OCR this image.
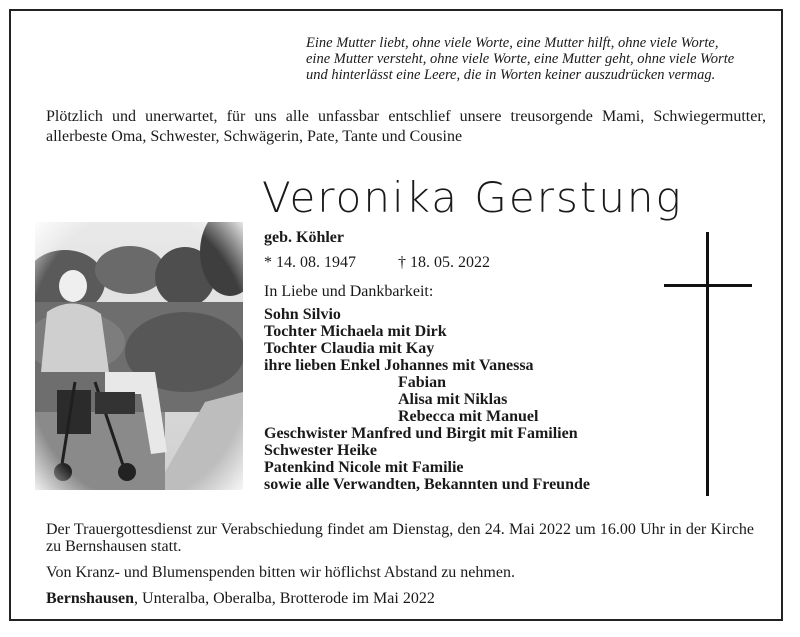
Eine Mutter liebt, ohne viele Worte, eine Mutter hilft, ohne viele Worte,
eine Mutter versteht, ohne viele Worte, eine Mutter geht, ohne viele Worte
und hinterlässt eine Leere, die in Worten keiner auszudrücken vermag.
Plötzlich und unerwartet, für uns alle unfassbar entschlief unsere treusorgende Mami, Schwiegermutter, allerbeste Oma, Schwester, Schwägerin, Pate, Tante und Cousine
Veronika Gerstung
geb. Köhler
* 14. 08. 1947	† 18. 05. 2022
In Liebe und Dankbarkeit:
Sohn Silvio
Tochter Michaela mit Dirk
Tochter Claudia mit Kay
ihre lieben Enkel Johannes mit Vanessa
Fabian
Alisa mit Niklas
Rebecca mit Manuel
Geschwister Manfred und Birgit mit Familien
Schwester Heike
Patenkind Nicole mit Familie
sowie alle Verwandten, Bekannten und Freunde
Der Trauergottesdienst zur Verabschiedung findet am Dienstag, den 24. Mai 2022 um 16.00 Uhr in der Kirche zu Bernshausen statt.
Von Kranz- und Blumenspenden bitten wir höflichst Abstand zu nehmen.
Bernshausen, Unteralba, Oberalba, Brotterode im Mai 2022
